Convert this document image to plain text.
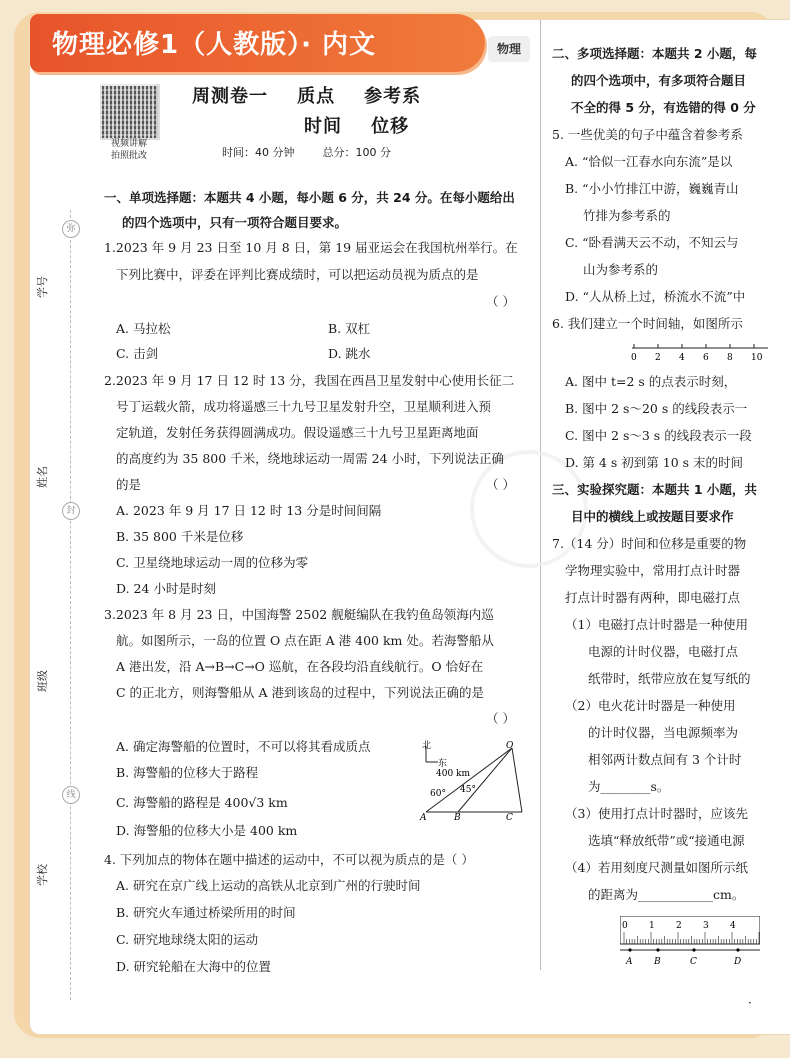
物理必修1（人教版）· 内文	物理
弥
封
线
学号
姓名
班级
学校
视频讲解
拍照批改
周测卷一    质点    参考系
时间    位移
时间：40 分钟        总分：100 分
一、单项选择题：本题共 4 小题，每小题 6 分，共 24 分。在每小题给出
的四个选项中，只有一项符合题目要求。
1.2023 年 9 月 23 日至 10 月 8 日，第 19 届亚运会在我国杭州举行。在
下列比赛中，评委在评判比赛成绩时，可以把运动员视为质点的是
（ ）
A. 马拉松	B. 双杠
C. 击剑	D. 跳水
2.2023 年 9 月 17 日 12 时 13 分，我国在西昌卫星发射中心使用长征二
号丁运载火箭，成功将遥感三十九号卫星发射升空，卫星顺利进入预
定轨道，发射任务获得圆满成功。假设遥感三十九号卫星距离地面
的高度约为 35 800 千米，绕地球运动一周需 24 小时，下列说法正确
的是	（ ）
A. 2023 年 9 月 17 日 12 时 13 分是时间间隔
B. 35 800 千米是位移
C. 卫星绕地球运动一周的位移为零
D. 24 小时是时刻
3.2023 年 8 月 23 日，中国海警 2502 舰艇编队在我钓鱼岛领海内巡
航。如图所示，一岛的位置 O 点在距 A 港 400 km 处。若海警船从
A 港出发，沿 A→B→C→O 巡航，在各段均沿直线航行。O 恰好在
C 的正北方，则海警船从 A 港到该岛的过程中，下列说法正确的是
（ ）
A. 确定海警船的位置时，不可以将其看成质点
B. 海警船的位移大于路程
C. 海警船的路程是 400√3 km
D. 海警船的位移大小是 400 km
北
东
400 km
60° 45°
A	B	C
O
4. 下列加点的物体在题中描述的运动中，不可以视为质点的是（ ）
A. 研究在京广线上运动的高铁从北京到广州的行驶时间
B. 研究火车通过桥梁所用的时间
C. 研究地球绕太阳的运动
D. 研究轮船在大海中的位置
二、多项选择题：本题共 2 小题，每
的四个选项中，有多项符合题目
不全的得 5 分，有选错的得 0 分
5. 一些优美的句子中蕴含着参考系
A. “恰似一江春水向东流”是以
B. “小小竹排江中游，巍巍青山
竹排为参考系的
C. “卧看满天云不动，不知云与
山为参考系的
D. “人从桥上过，桥流水不流”中
6. 我们建立一个时间轴，如图所示
0 2 4 6 8 10
A. 图中 t=2 s 的点表示时刻，
B. 图中 2 s～20 s 的线段表示一
C. 图中 2 s～3 s 的线段表示一段
D. 第 4 s 初到第 10 s 末的时间
三、实验探究题：本题共 1 小题，共
目中的横线上或按题目要求作
7.（14 分）时间和位移是重要的物
学物理实验中，常用打点计时器
打点计时器有两种，即电磁打点
（1）电磁打点计时器是一种使用
电源的计时仪器，电磁打点
纸带时，纸带应放在复写纸的
（2）电火花计时器是一种使用
的计时仪器，当电源频率为
相邻两计数点间有 3 个计时
为________s。
（3）使用打点计时器时，应该先
选填“释放纸带”或“接通电源
（4）若用刻度尺测量如图所示纸
的距离为____________cm。
0 1 2 3 4
A B	C	D
·
